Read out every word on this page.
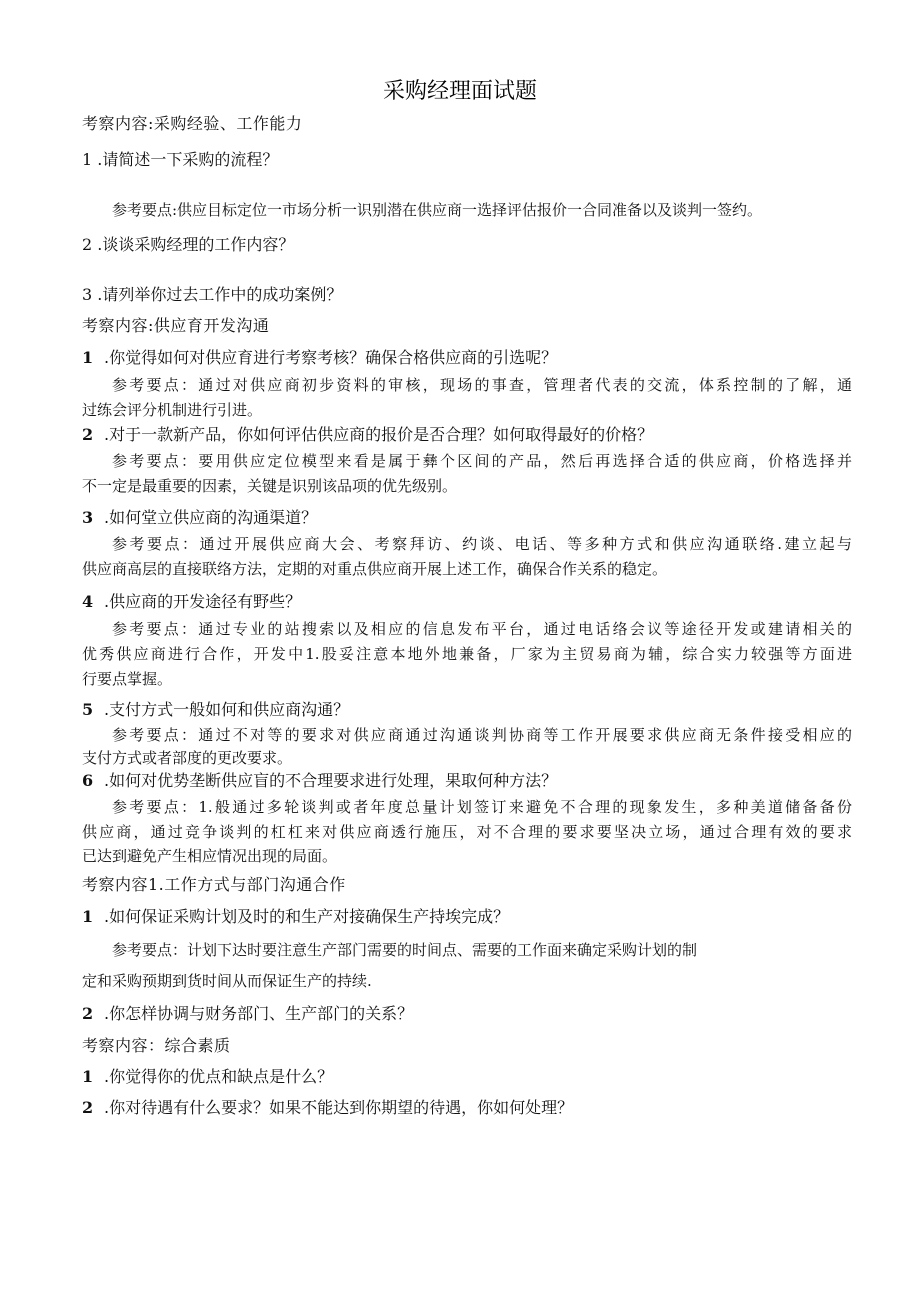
采购经理面试题
考察内容:采购经验、工作能力
1 .请简述一下采购的流程？
参考要点:供应目标定位一市场分析一识别潜在供应商一选择评估报价一合同准备以及谈判一签约。
2 .谈谈采购经理的工作内容？
3 .请列举你过去工作中的成功案例？
考察内容:供应育开发沟通
1 .你觉得如何对供应育进行考察考核？确保合格供应商的引选呢？
参考要点：通过对供应商初步资料的审核，现场的事查，管理者代表的交流，体系控制的了解，通
过练会评分机制进行引进。
2 .对于一款新产品，你如何评估供应商的报价是否合理？如何取得最好的价格？
参考要点：要用供应定位模型来看是属于彝个区间的产品，然后再选择合适的供应商，价格选择并
不一定是最重要的因素，关键是识别该品项的优先级别。
3 .如何堂立供应商的沟通渠道？
参考要点：通过开展供应商大会、考察拜访、约谈、电话、等多种方式和供应沟通联络.建立起与
供应商高层的直接联络方法，定期的对重点供应商开展上述工作，确保合作关系的稳定。
4 .供应商的开发途径有野些？
参考要点：通过专业的站搜索以及相应的信息发布平台，通过电话络会议等途径开发或建请相关的
优秀供应商进行合作，开发中1.股妥注意本地外地兼备，厂家为主贸易商为辅，综合实力较强等方面进
行要点掌握。
5 .支付方式一般如何和供应商沟通？
参考要点：通过不对等的要求对供应商通过沟通谈判协商等工作开展要求供应商无条件接受相应的
支付方式或者部度的更改要求。
6 .如何对优势垄断供应盲的不合理要求进行处理，果取何种方法？
参考要点：1.般通过多轮谈判或者年度总量计划签订来避免不合理的现象发生，多种美道储备备份
供应商，通过竞争谈判的杠杠来对供应商透行施压，对不合理的要求要坚决立场，通过合理有效的要求
已达到避免产生相应情况出现的局面。
考察内容1.工作方式与部门沟通合作
1 .如何保证采购计划及时的和生产对接确保生产持埃完成？
参考要点：计划下达时要注意生产部门需要的时间点、需要的工作面来确定采购计划的制
定和采购预期到货时间从而保证生产的持续.
2 .你怎样协调与财务部门、生产部门的关系？
考察内容：综合素质
1 .你觉得你的优点和缺点是什么？
2 .你对待遇有什么要求？如果不能达到你期望的待遇，你如何处理？
